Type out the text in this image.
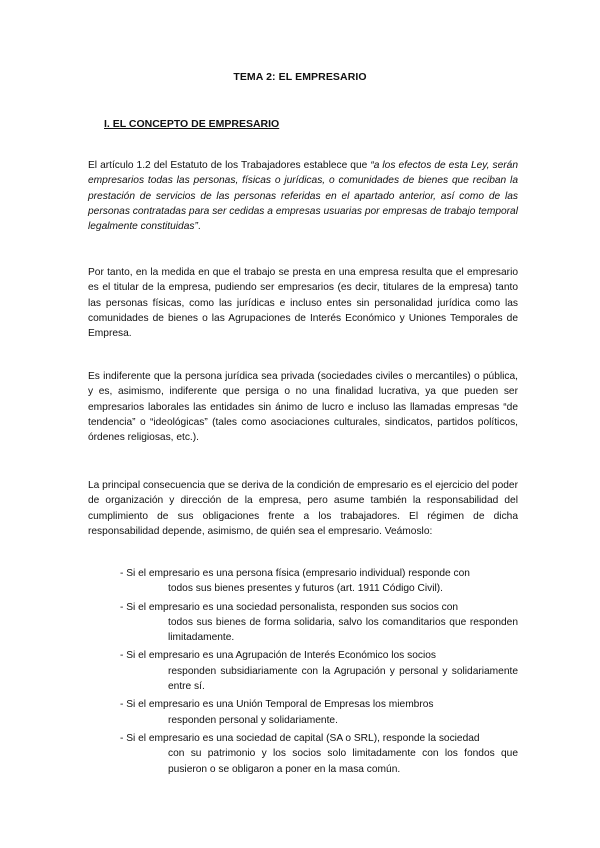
TEMA 2: EL EMPRESARIO
I. EL CONCEPTO DE EMPRESARIO
El artículo 1.2 del Estatuto de los Trabajadores establece que “a los efectos de esta Ley, serán empresarios todas las personas, físicas o jurídicas, o comunidades de bienes que reciban la prestación de servicios de las personas referidas en el apartado anterior, así como de las personas contratadas para ser cedidas a empresas usuarias por empresas de trabajo temporal legalmente constituidas”.
Por tanto, en la medida en que el trabajo se presta en una empresa resulta que el empresario es el titular de la empresa, pudiendo ser empresarios (es decir, titulares de la empresa) tanto las personas físicas, como las jurídicas e incluso entes sin personalidad jurídica como las comunidades de bienes o las Agrupaciones de Interés Económico y Uniones Temporales de Empresa.
Es indiferente que la persona jurídica sea privada (sociedades civiles o mercantiles) o pública, y es, asimismo, indiferente que persiga o no una finalidad lucrativa, ya que pueden ser empresarios laborales las entidades sin ánimo de lucro e incluso las llamadas empresas “de tendencia” o “ideológicas” (tales como asociaciones culturales, sindicatos, partidos políticos, órdenes religiosas, etc.).
La principal consecuencia que se deriva de la condición de empresario es el ejercicio del poder de organización y dirección de la empresa, pero asume también la responsabilidad del cumplimiento de sus obligaciones frente a los trabajadores. El régimen de dicha responsabilidad depende, asimismo, de quién sea el empresario. Veámoslo:
- Si el empresario es una persona física (empresario individual) responde con
todos sus bienes presentes y futuros (art. 1911 Código Civil).
- Si el empresario es una sociedad personalista, responden sus socios con
todos sus bienes de forma solidaria, salvo los comanditarios que responden limitadamente.
- Si el empresario es una Agrupación de Interés Económico los socios
responden subsidiariamente con la Agrupación y personal y solidariamente entre sí.
- Si el empresario es una Unión Temporal de Empresas los miembros
responden personal y solidariamente.
- Si el empresario es una sociedad de capital (SA o SRL), responde la sociedad
con su patrimonio y los socios solo limitadamente con los fondos que pusieron o se obligaron a poner en la masa común.
